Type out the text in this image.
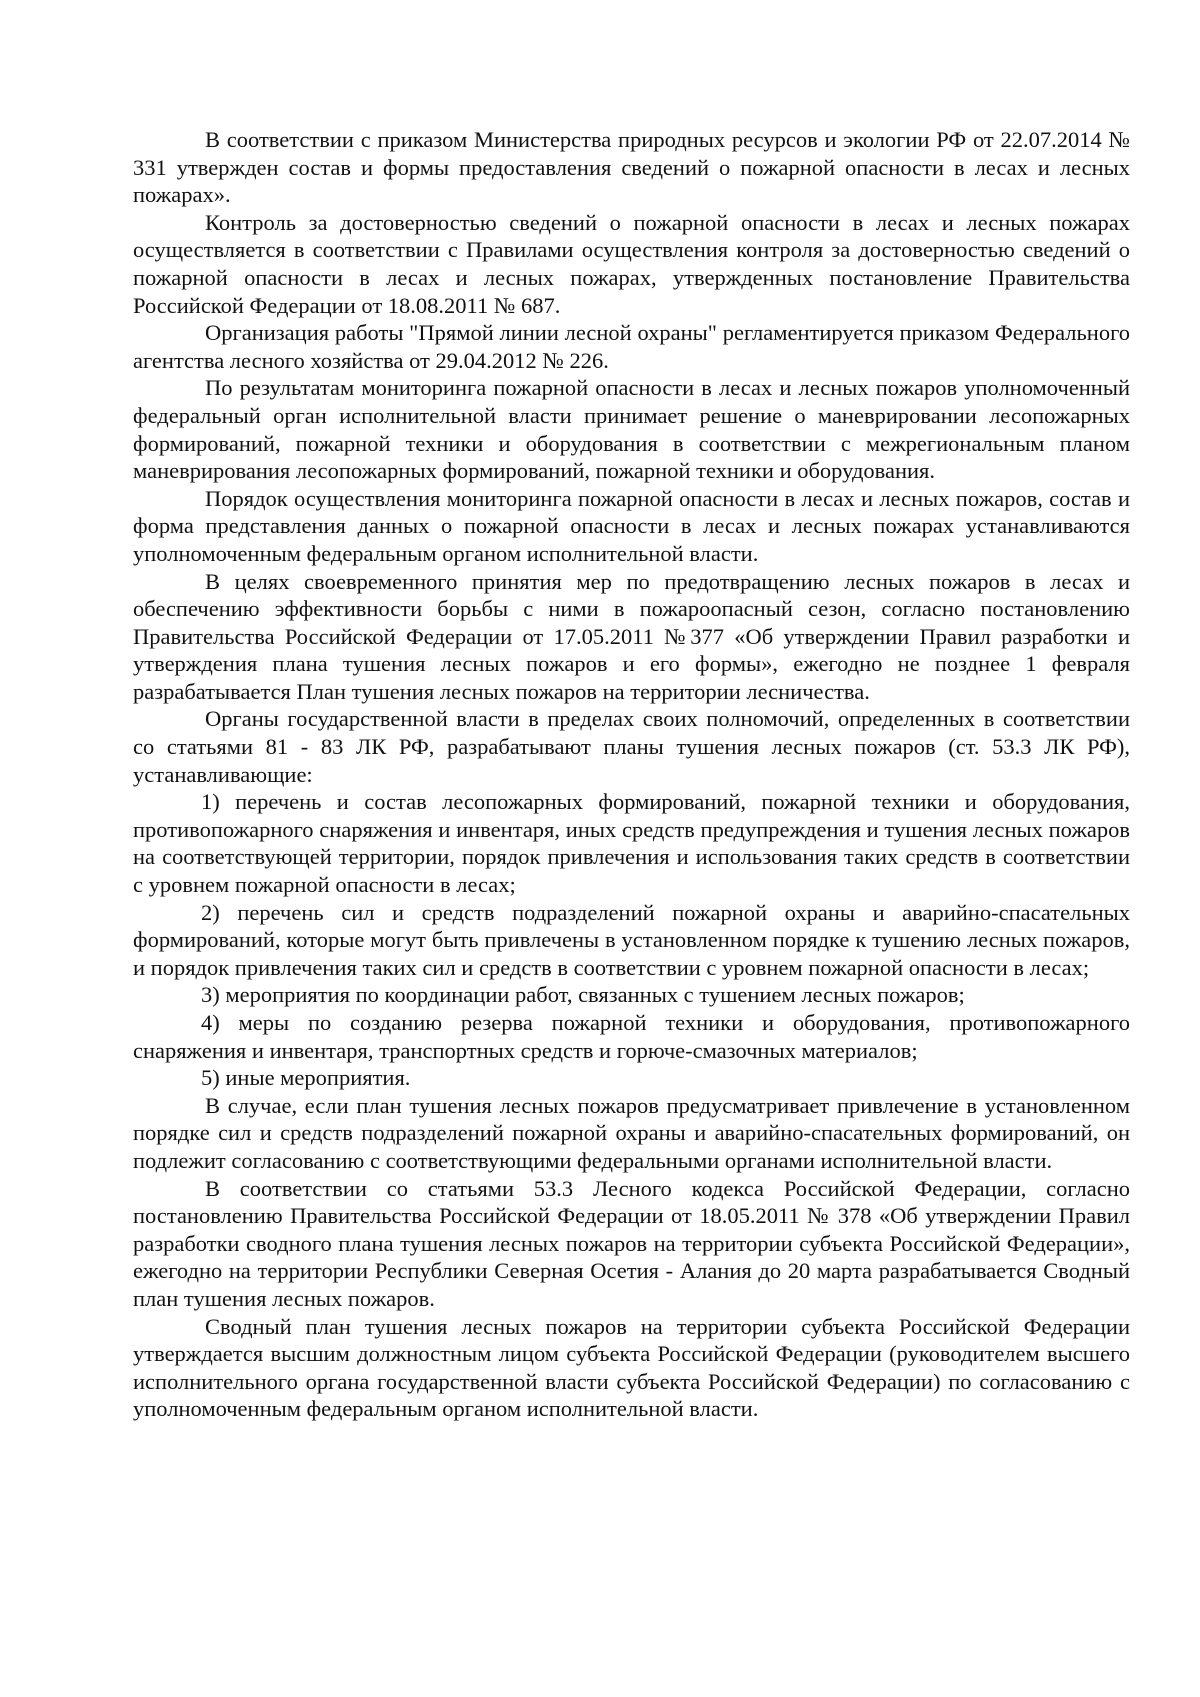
В соответствии с приказом Министерства природных ресурсов и экологии РФ от 22.07.2014 № 331 утвержден состав и формы предоставления сведений о пожарной опасности в лесах и лесных пожарах».

Контроль за достоверностью сведений о пожарной опасности в лесах и лесных пожарах осуществляется в соответствии с Правилами осуществления контроля за достоверностью сведений о пожарной опасности в лесах и лесных пожарах, утвержденных постановление Правительства Российской Федерации от 18.08.2011 № 687.

Организация работы "Прямой линии лесной охраны" регламентируется приказом Федерального агентства лесного хозяйства от 29.04.2012 № 226.

По результатам мониторинга пожарной опасности в лесах и лесных пожаров уполномоченный федеральный орган исполнительной власти принимает решение о маневрировании лесопожарных формирований, пожарной техники и оборудования в соответствии с межрегиональным планом маневрирования лесопожарных формирований, пожарной техники и оборудования.

Порядок осуществления мониторинга пожарной опасности в лесах и лесных пожаров, состав и форма представления данных о пожарной опасности в лесах и лесных пожарах устанавливаются уполномоченным федеральным органом исполнительной власти.

В целях своевременного принятия мер по предотвращению лесных пожаров в лесах и обеспечению эффективности борьбы с ними в пожароопасный сезон, согласно постановлению Правительства Российской Федерации от 17.05.2011 №377 «Об утверждении Правил разработки и утверждения плана тушения лесных пожаров и его формы», ежегодно не позднее 1 февраля разрабатывается План тушения лесных пожаров на территории лесничества.

Органы государственной власти в пределах своих полномочий, определенных в соответствии со статьями 81 - 83 ЛК РФ, разрабатывают планы тушения лесных пожаров (ст. 53.3 ЛК РФ), устанавливающие:

1) перечень и состав лесопожарных формирований, пожарной техники и оборудования, противопожарного снаряжения и инвентаря, иных средств предупреждения и тушения лесных пожаров на соответствующей территории, порядок привлечения и использования таких средств в соответствии с уровнем пожарной опасности в лесах;

2) перечень сил и средств подразделений пожарной охраны и аварийно-спасательных формирований, которые могут быть привлечены в установленном порядке к тушению лесных пожаров, и порядок привлечения таких сил и средств в соответствии с уровнем пожарной опасности в лесах;

3) мероприятия по координации работ, связанных с тушением лесных пожаров;

4) меры по созданию резерва пожарной техники и оборудования, противопожарного снаряжения и инвентаря, транспортных средств и горюче-смазочных материалов;

5) иные мероприятия.

В случае, если план тушения лесных пожаров предусматривает привлечение в установленном порядке сил и средств подразделений пожарной охраны и аварийно-спасательных формирований, он подлежит согласованию с соответствующими федеральными органами исполнительной власти.

В соответствии со статьями 53.3 Лесного кодекса Российской Федерации, согласно постановлению Правительства Российской Федерации от 18.05.2011 № 378 «Об утверждении Правил разработки сводного плана тушения лесных пожаров на территории субъекта Российской Федерации», ежегодно на территории Республики Северная Осетия - Алания до 20 марта разрабатывается Сводный план тушения лесных пожаров.

Сводный план тушения лесных пожаров на территории субъекта Российской Федерации утверждается высшим должностным лицом субъекта Российской Федерации (руководителем высшего исполнительного органа государственной власти субъекта Российской Федерации) по согласованию с уполномоченным федеральным органом исполнительной власти.
